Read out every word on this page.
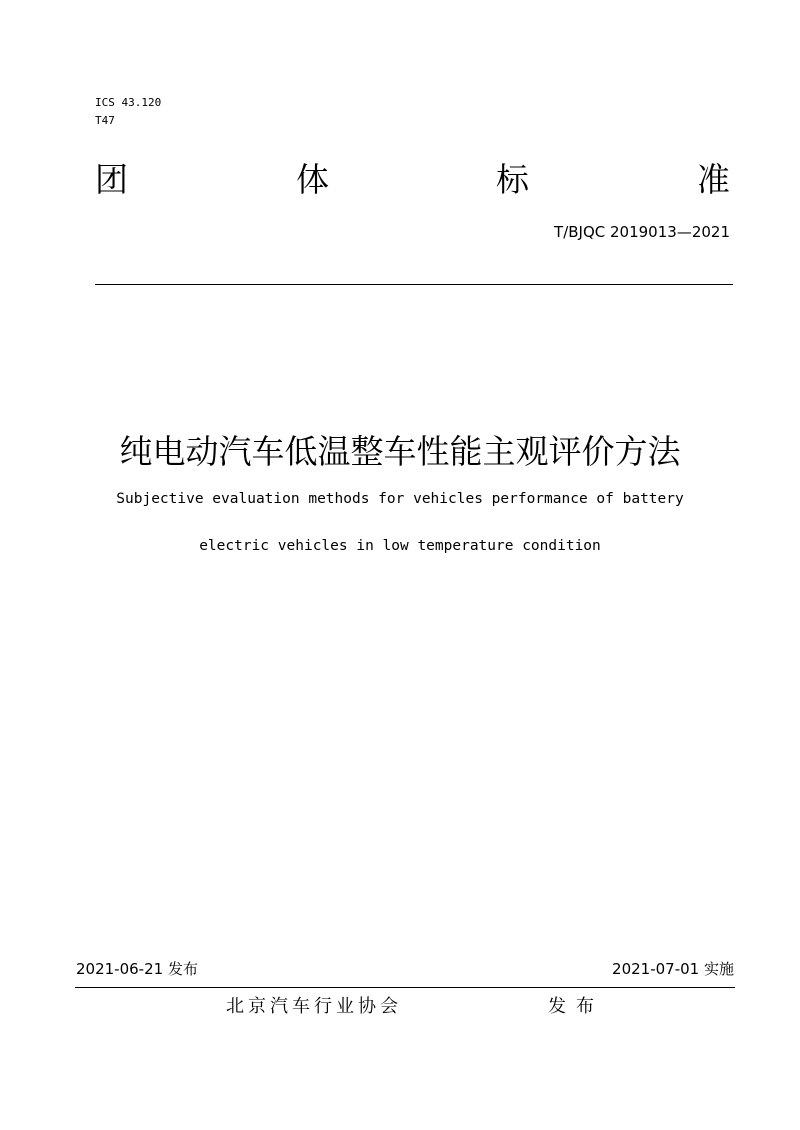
ICS 43.120
T47
团	体	标	准
T/BJQC 2019013—2021
纯电动汽车低温整车性能主观评价方法
Subjective evaluation methods for vehicles performance of battery
electric vehicles in low temperature condition
2021-06-21 发布	2021-07-01 实施
北京汽车行业协会	发布
